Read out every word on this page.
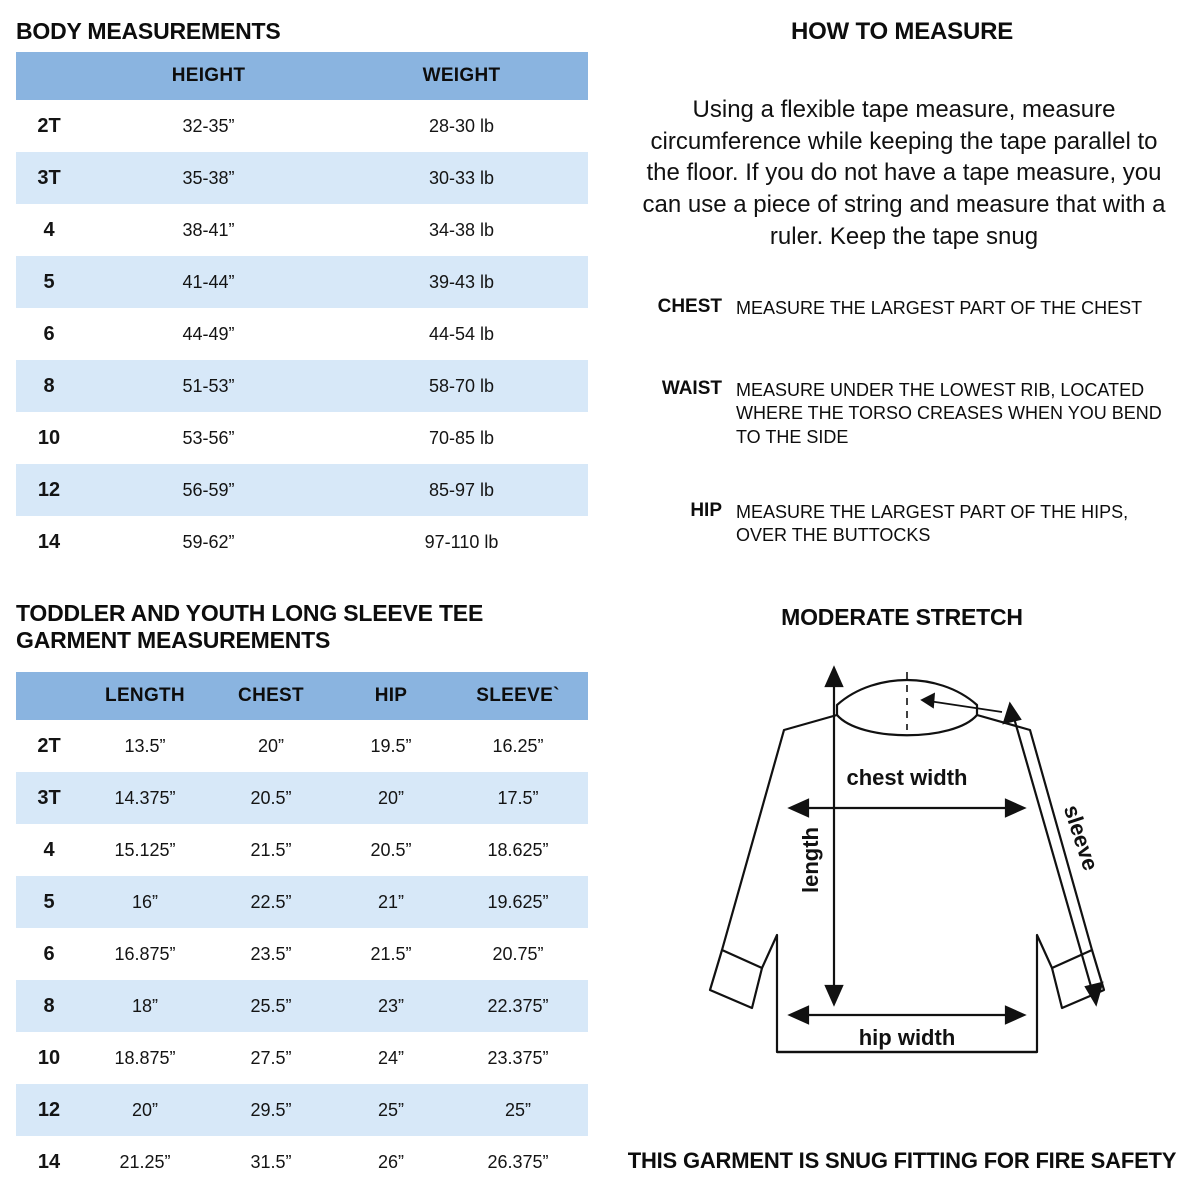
BODY MEASUREMENTS
	HEIGHT	WEIGHT
2T	32-35”	28-30 lb
3T	35-38”	30-33 lb
4	38-41”	34-38 lb
5	41-44”	39-43 lb
6	44-49”	44-54 lb
8	51-53”	58-70 lb
10	53-56”	70-85 lb
12	56-59”	85-97 lb
14	59-62”	97-110 lb
TODDLER AND YOUTH LONG SLEEVE TEE GARMENT MEASUREMENTS
	LENGTH	CHEST	HIP	SLEEVE`
2T	13.5”	20”	19.5”	16.25”
3T	14.375”	20.5”	20”	17.5”
4	15.125”	21.5”	20.5”	18.625”
5	16”	22.5”	21”	19.625”
6	16.875”	23.5”	21.5”	20.75”
8	18”	25.5”	23”	22.375”
10	18.875”	27.5”	24”	23.375”
12	20”	29.5”	25”	25”
14	21.25”	31.5”	26”	26.375”
HOW TO MEASURE

Using a flexible tape measure, measure circumference while keeping the tape parallel to the floor. If you do not have a tape measure, you can use a piece of string and measure that with a ruler. Keep the tape snug

CHEST MEASURE THE LARGEST PART OF THE CHEST
WAIST MEASURE UNDER THE LOWEST RIB, LOCATED WHERE THE TORSO CREASES WHEN YOU BEND TO THE SIDE
HIP MEASURE THE LARGEST PART OF THE HIPS, OVER THE BUTTOCKS
MODERATE STRETCH
chest width
hip width
length	sleeve
THIS GARMENT IS SNUG FITTING FOR FIRE SAFETY
